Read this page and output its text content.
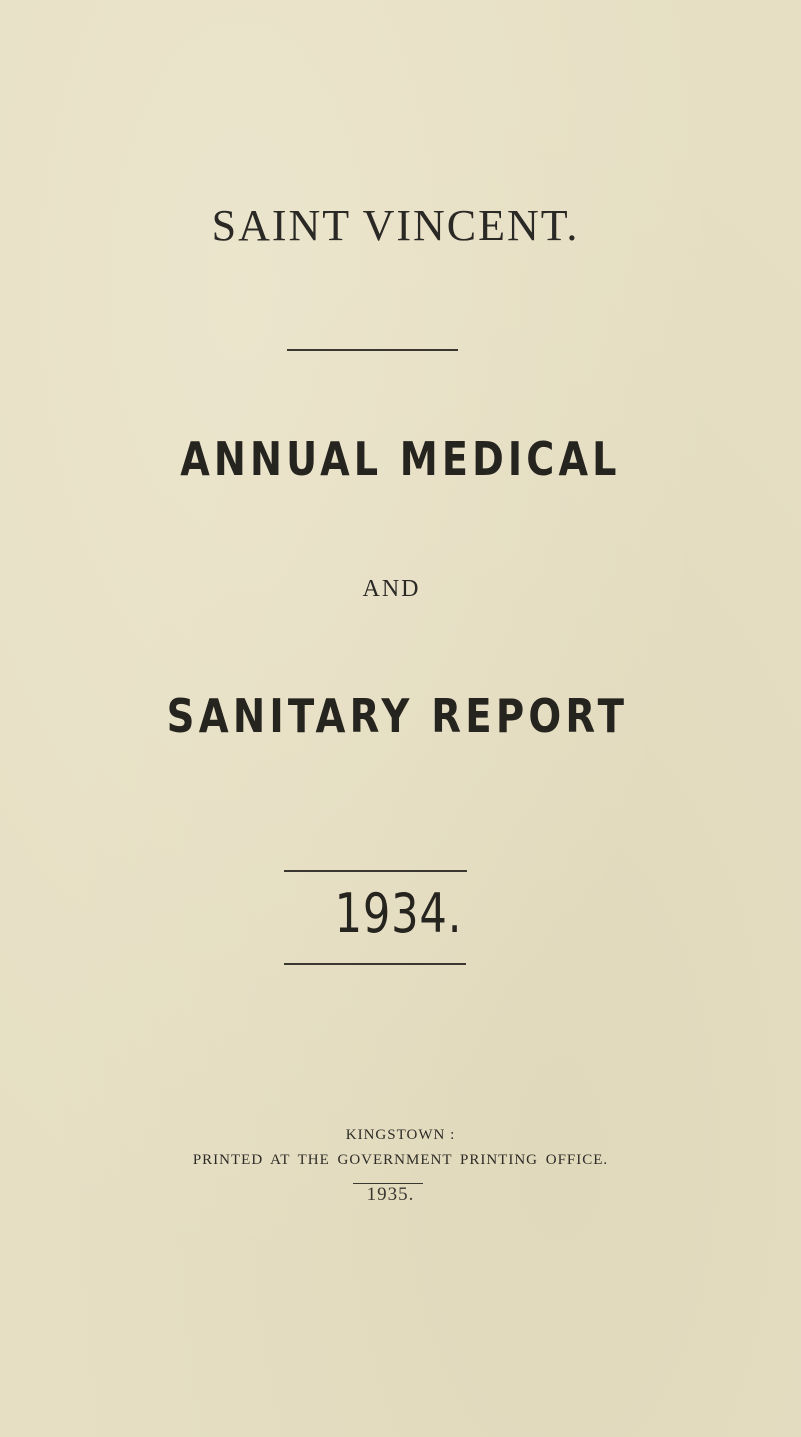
SAINT VINCENT.
ANNUAL MEDICAL
AND
SANITARY REPORT
1934.
KINGSTOWN :
PRINTED AT THE GOVERNMENT PRINTING OFFICE.
1935.
